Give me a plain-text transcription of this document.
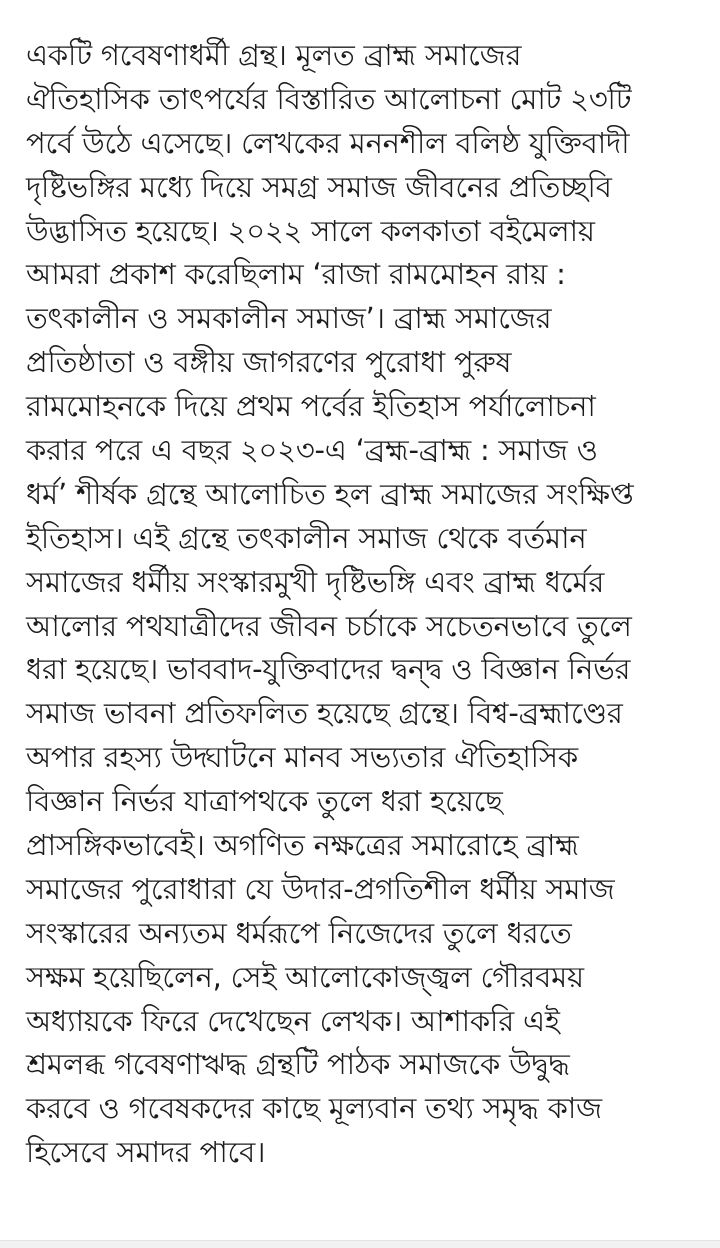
একটি গবেষণাধর্মী গ্রন্থ। মূলত ব্রাহ্ম সমাজের
ঐতিহাসিক তাৎপর্যের বিস্তারিত আলোচনা মোট ২৩টি
পর্বে উঠে এসেছে। লেখকের মননশীল বলিষ্ঠ যুক্তিবাদী
দৃষ্টিভঙ্গির মধ্যে দিয়ে সমগ্র সমাজ জীবনের প্রতিচ্ছবি
উদ্ভাসিত হয়েছে। ২০২২ সালে কলকাতা বইমেলায়
আমরা প্রকাশ করেছিলাম ‘রাজা রামমোহন রায় :
তৎকালীন ও সমকালীন সমাজ’। ব্রাহ্ম সমাজের
প্রতিষ্ঠাতা ও বঙ্গীয় জাগরণের পুরোধা পুরুষ
রামমোহনকে দিয়ে প্রথম পর্বের ইতিহাস পর্যালোচনা
করার পরে এ বছর ২০২৩-এ ‘ব্রহ্ম-ব্রাহ্ম : সমাজ ও
ধর্ম’ শীর্ষক গ্রন্থে আলোচিত হল ব্রাহ্ম সমাজের সংক্ষিপ্ত
ইতিহাস। এই গ্রন্থে তৎকালীন সমাজ থেকে বর্তমান
সমাজের ধর্মীয় সংস্কারমুখী দৃষ্টিভঙ্গি এবং ব্রাহ্ম ধর্মের
আলোর পথযাত্রীদের জীবন চর্চাকে সচেতনভাবে তুলে
ধরা হয়েছে। ভাববাদ-যুক্তিবাদের দ্বন্দ্ব ও বিজ্ঞান নির্ভর
সমাজ ভাবনা প্রতিফলিত হয়েছে গ্রন্থে। বিশ্ব-ব্রহ্মাণ্ডের
অপার রহস্য উদ্ঘাটনে মানব সভ্যতার ঐতিহাসিক
বিজ্ঞান নির্ভর যাত্রাপথকে তুলে ধরা হয়েছে
প্রাসঙ্গিকভাবেই। অগণিত নক্ষত্রের সমারোহে ব্রাহ্ম
সমাজের পুরোধারা যে উদার-প্রগতিশীল ধর্মীয় সমাজ
সংস্কারের অন্যতম ধর্মরূপে নিজেদের তুলে ধরতে
সক্ষম হয়েছিলেন, সেই আলোকোজ্জ্বল গৌরবময়
অধ্যায়কে ফিরে দেখেছেন লেখক। আশাকরি এই
শ্রমলব্ধ গবেষণাঋদ্ধ গ্রন্থটি পাঠক সমাজকে উদ্বুদ্ধ
করবে ও গবেষকদের কাছে মূল্যবান তথ্য সমৃদ্ধ কাজ
হিসেবে সমাদর পাবে।
